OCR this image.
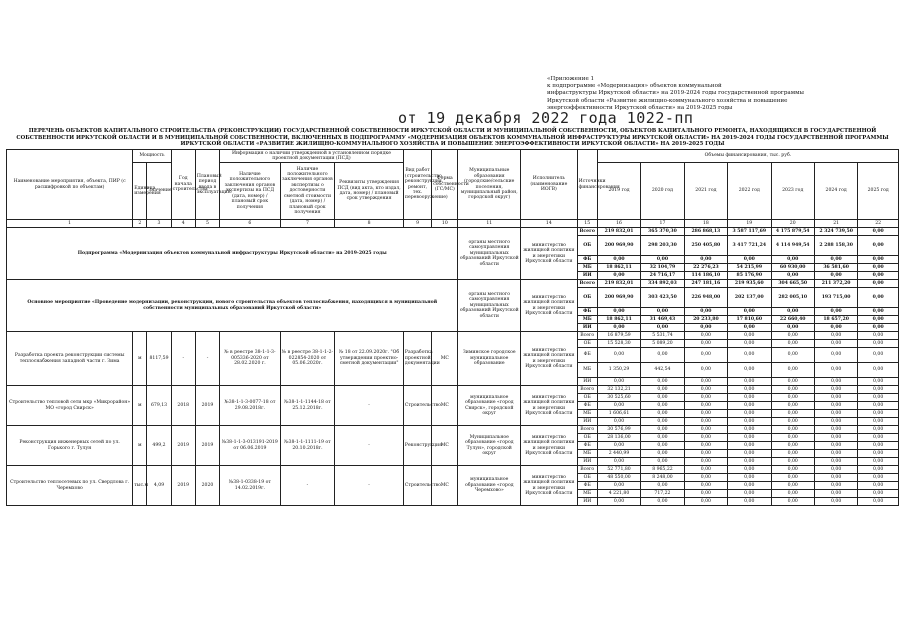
«Приложение 1
к подпрограмме «Модернизация» объектов коммунальной
инфраструктуры Иркутской области» на 2019-2024 годы государственной программы
Иркутской области «Развитие жилищно-коммунального хозяйства и повышение
энергоэффективности Иркутской области» на 2019-2025 годы
от 19 декабря 2022 года 1022-пп
ПЕРЕЧЕНЬ ОБЪЕКТОВ КАПИТАЛЬНОГО СТРОИТЕЛЬСТВА (РЕКОНСТРУКЦИИ) ГОСУДАРСТВЕННОЙ СОБСТВЕННОСТИ ИРКУТСКОЙ ОБЛАСТИ И МУНИЦИПАЛЬНОЙ СОБСТВЕННОСТИ, ОБЪЕКТОВ КАПИТАЛЬНОГО РЕМОНТА, НАХОДЯЩИХСЯ В ГОСУДАРСТВЕННОЙ СОБСТВЕННОСТИ ИРКУТСКОЙ ОБЛАСТИ И В МУНИЦИПАЛЬНОЙ СОБСТВЕННОСТИ, ВКЛЮЧЕННЫХ В ПОДПРОГРАММУ «МОДЕРНИЗАЦИЯ ОБЪЕКТОВ КОММУНАЛЬНОЙ ИНФРАСТРУКТУРЫ ИРКУТСКОЙ ОБЛАСТИ» НА 2019-2024 ГОДЫ ГОСУДАРСТВЕННОЙ ПРОГРАММЫ ИРКУТСКОЙ ОБЛАСТИ «РАЗВИТИЕ ЖИЛИЩНО-КОММУНАЛЬНОГО ХОЗЯЙСТВА И ПОВЫШЕНИЕ ЭНЕРГОЭФФЕКТИВНОСТИ ИРКУТСКОЙ ОБЛАСТИ» НА 2019-2025 ГОДЫ
Наименование мероприятия, объекта, ПИР (с расшифровкой по объектам)	Мощность		Год начала строительства	Плановый период ввода в эксплуатацию	Информация о наличии утвержденной в установленном порядке проектной документации (ПСД)			Вид работ (строительство, реконструкция, ремонт, тех. перевооружение)	Форма собственности (ГС/МС)	Муниципальные образования (городские/сельские поселения, муниципальный район, городской округ)	Исполнитель (наименование ИОГВ)	Источники финансирования	Объемы финансирования, тыс. руб.						
	Единица измерения	Значение			Наличие положительного заключения органов экспертизы на ПСД (дата, номер) / плановый срок получения	Наличие положительного заключения органов экспертизы о достоверности сметной стоимости (дата, номер) / плановый срок получения	Реквизиты утверждения ПСД (вид акта, кто издал, дата, номер) / плановый срок утверждения						2019 год	2020 год	2021 год	2022 год	2023 год	2024 год	2025 год

1	2	3	4	5	6	7	8	9	10	11	14	15	16	17	18	19	20	21	22
Подпрограмма «Модернизация объектов коммунальной инфраструктуры Иркутской области» на 2019-2025 годы										органы местного самоуправления муниципальных образований Иркутской области	министерство жилищной политики и энергетики Иркутской области	Всего	219 832,01	365 370,30	286 868,13	3 587 117,69	4 175 879,54	2 324 739,50	0,00
												ОБ	200 969,90	298 203,30	250 405,80	3 417 721,24	4 114 949,54	2 288 158,30	0,00
												ФБ	0,00	0,00	0,00	0,00	0,00	0,00	0,00
												МБ	18 862,11	32 104,79	22 276,23	54 215,99	60 930,00	36 581,60	0,00
												ИИ	0,00	24 716,17	114 186,10	85 176,90	0,00	0,00	0,00
Основное мероприятие «Проведение модернизации, реконструкции, нового строительства объектов теплоснабжения, находящихся в муниципальной собственности муниципальных образований Иркутской области»										органы местного самоуправления муниципальных образований Иркутской области	министерство жилищной политики и энергетики Иркутской области	Всего	219 832,01	334 892,03	247 181,16	219 935,60	304 665,50	211 372,20	0,00
												ОБ	200 969,90	303 423,50	226 948,00	202 137,00	282 005,10	193 715,00	0,00
												ФБ	0,00	0,00	0,00	0,00	0,00	0,00	0,00
												МБ	18 862,11	31 469,43	20 233,80	17 810,60	22 660,40	18 657,20	0,00
												ИИ	0,00	0,00	0,00	0,00	0,00	0,00	0,00
Разработка проекта реконструкции системы теплоснабжения западной части г. Зима	м	8117,59	-	-	№ в реестре 38-1-1-3-005336-2020 от 28.02.2020 г.	№ в реестре 38-1-1-2-022854-2020 от 05.06.2020г.	№ 18 от 22.09.2020г. "Об утверждении проектно-сметной документации"	Разработка проектной документации	МС	Зиминское городское муниципальное образование	министерство жилищной политики и энергетики Иркутской области	Всего	16 879,59	5 531,74	0,00	0,00	0,00	0,00	0,00
												ОБ	15 528,30	5 089,20	0,00	0,00	0,00	0,00	0,00
												ФБ	0,00	0,00	0,00	0,00	0,00	0,00	0,00
												МБ	1 350,29	442,54	0,00	0,00	0,00	0,00	0,00
												ИИ	0,00	0,00	0,00	0,00	0,00	0,00	0,00
Строительство тепловой сети мкр «Микрорайон» МО «город Свирск»	м	679,13	2018	2019	№38-1-1-3-0077-18 от 29.08.2018г.	№38-1-1-1144-18 от 25.12.2018г.	-	Строительство	МС	муниципальное образование «город Свирск», городской округ	министерство жилищной политики и энергетики Иркутской области	Всего	32 132,21	0,00	0,00	0,00	0,00	0,00	0,00
												ОБ	30 525,60	0,00	0,00	0,00	0,00	0,00	0,00
												ФБ	0,00	0,00	0,00	0,00	0,00	0,00	0,00
												МБ	1 606,61	0,00	0,00	0,00	0,00	0,00	0,00
												ИИ	0,00	0,00	0,00	0,00	0,00	0,00	0,00
Реконструкция инженерных сетей по ул. Горького г. Тулун	м	499,2	2019	2019	№38-1-1-3-013191-2019 от 06.06.2019	№38-1-1-1111-19 от 20.10.2018г.	-	Реконструкция	МС	Муниципальное образование «город Тулун», городской округ	министерство жилищной политики и энергетики Иркутской области	Всего	30 576,99	0,00	0,00	0,00	0,00	0,00	0,00
												ОБ	28 136,00	0,00	0,00	0,00	0,00	0,00	0,00
												ФБ	0,00	0,00	0,00	0,00	0,00	0,00	0,00
												МБ	2 440,99	0,00	0,00	0,00	0,00	0,00	0,00
												ИИ	0,00	0,00	0,00	0,00	0,00	0,00	0,00
Строительство теплосетевых по ул. Свердлова г. Черемхово	тыс.м	4,09	2019	2020	№38-1-0338-19 от 14.02.2019г.	-	-	Строительство	МС	муниципальное образование «город Черемхово»	министерство жилищной политики и энергетики Иркутской области	Всего	52 771,80	8 965,22	0,00	0,00	0,00	0,00	0,00
												ОБ	48 550,00	8 248,00	0,00	0,00	0,00	0,00	0,00
												ФБ	0,00	0,00	0,00	0,00	0,00	0,00	0,00
												МБ	4 221,80	717,22	0,00	0,00	0,00	0,00	0,00
												ИИ	0,00	0,00	0,00	0,00	0,00	0,00	0,00
